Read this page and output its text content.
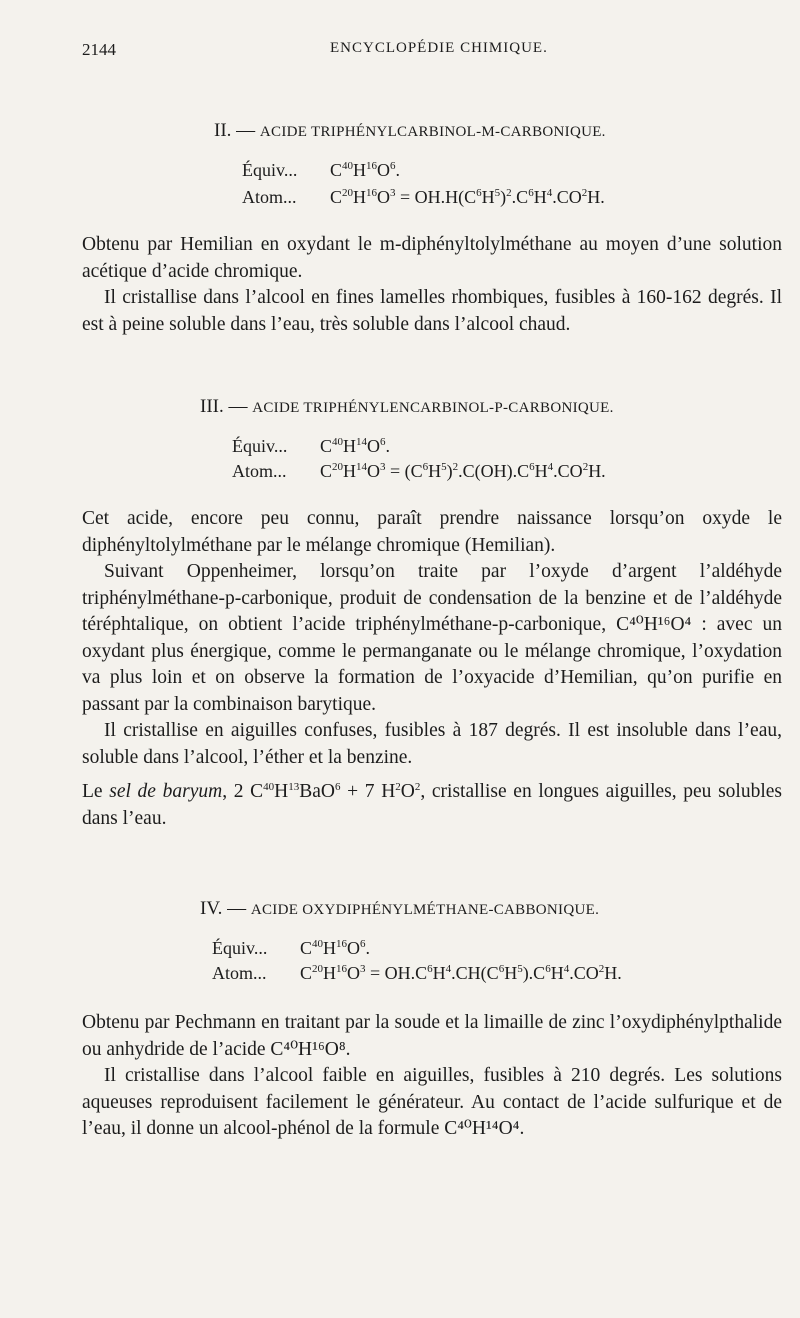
2144	ENCYCLOPÉDIE CHIMIQUE.
II. — ACIDE TRIPHÉNYLCARBINOL-M-CARBONIQUE.
Équiv... $C^{40}H^{16}O^6$.
Atom... $C^{20}H^{16}O^3 = OH.H(C^6H^5)^2.C^6H^4.CO^2H$.

Obtenu par Hemilian en oxydant le m-diphényltolylméthane au moyen d’une solution acétique d’acide chromique.

Il cristallise dans l’alcool en fines lamelles rhombiques, fusibles à 160-162 degrés. Il est à peine soluble dans l’eau, très soluble dans l’alcool chaud.

III. — ACIDE TRIPHÉNYLENCARBINOL-P-CARBONIQUE.
Équiv... $C^{40}H^{14}O^6$.
Atom... $C^{20}H^{14}O^3 = (C^6H^5)^2.C(OH).C^6H^4.CO^2H$.

Cet acide, encore peu connu, paraît prendre naissance lorsqu’on oxyde le diphényltolylméthane par le mélange chromique (Hemilian).

Suivant Oppenheimer, lorsqu’on traite par l’oxyde d’argent l’aldéhyde triphénylméthane-p-carbonique, produit de condensation de la benzine et de l’aldéhyde téréphtalique, on obtient l’acide triphénylméthane-p-carbonique, C⁴⁰H¹⁶O⁴ : avec un oxydant plus énergique, comme le permanganate ou le mélange chromique, l’oxydation va plus loin et on observe la formation de l’oxyacide d’Hemilian, qu’on purifie en passant par la combinaison barytique.

Il cristallise en aiguilles confuses, fusibles à 187 degrés. Il est insoluble dans l’eau, soluble dans l’alcool, l’éther et la benzine.

Le sel de baryum, 2 $C^{40}H^{13}BaO^6 + 7$ $H^2O^2$, cristallise en longues aiguilles, peu solubles dans l’eau.

IV. — ACIDE OXYDIPHÉNYLMÉTHANE-CABBONIQUE.
Équiv... $C^{40}H^{16}O^6$.
Atom... $C^{20}H^{16}O^3 = OH.C^6H^4.CH(C^6H^5).C^6H^4.CO^2H$.

Obtenu par Pechmann en traitant par la soude et la limaille de zinc l’oxydiphénylpthalide ou anhydride de l’acide C⁴⁰H¹⁶O⁸.

Il cristallise dans l’alcool faible en aiguilles, fusibles à 210 degrés. Les solutions aqueuses reproduisent facilement le générateur. Au contact de l’acide sulfurique et de l’eau, il donne un alcool-phénol de la formule C⁴⁰H¹⁴O⁴.
